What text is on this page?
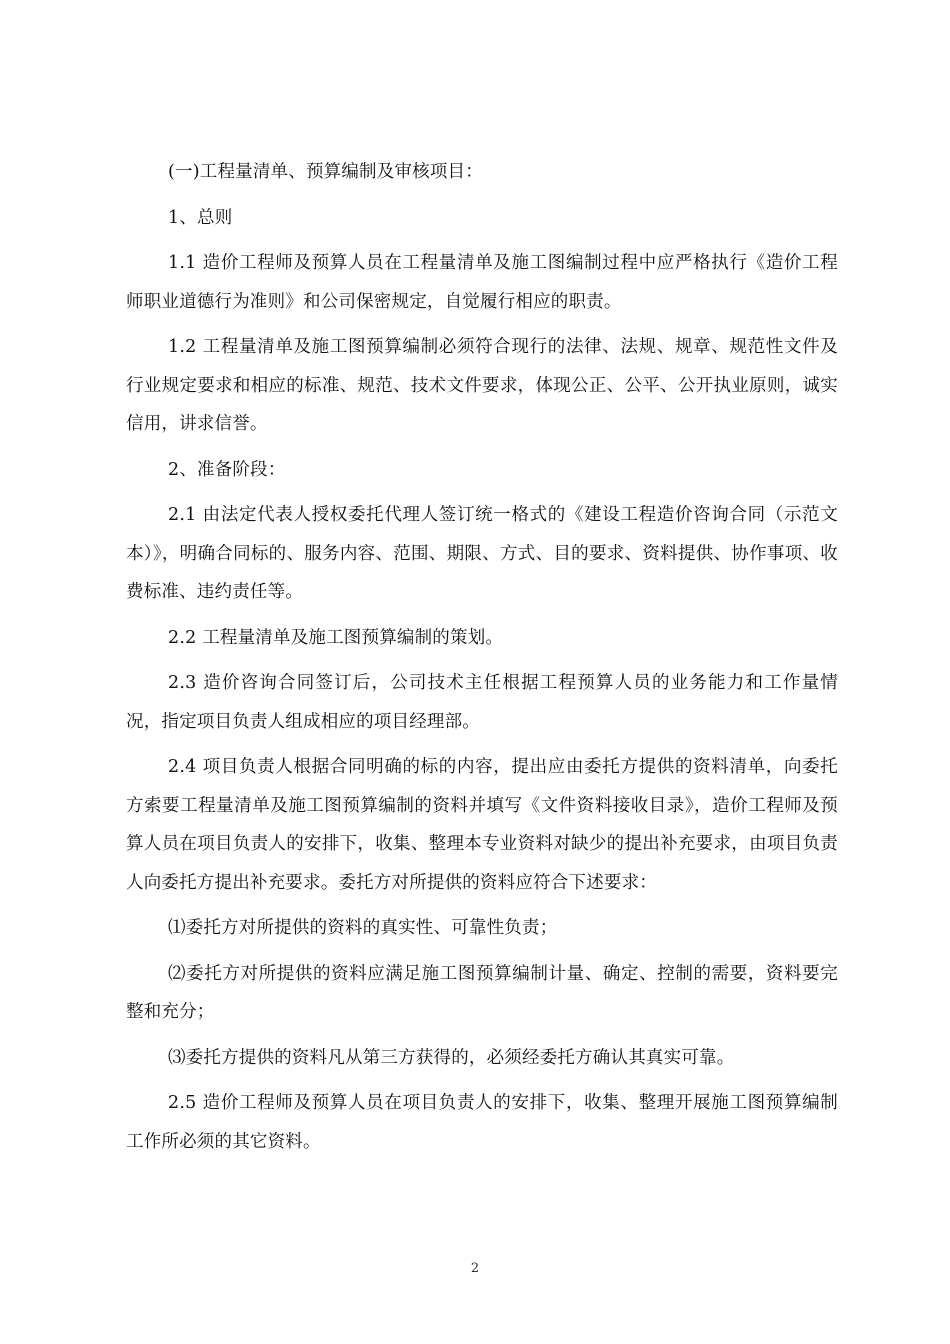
(一)工程量清单、预算编制及审核项目：

1、总则

1.1 造价工程师及预算人员在工程量清单及施工图编制过程中应严格执行《造价工程师职业道德行为准则》和公司保密规定，自觉履行相应的职责。

1.2 工程量清单及施工图预算编制必须符合现行的法律、法规、规章、规范性文件及行业规定要求和相应的标准、规范、技术文件要求，体现公正、公平、公开执业原则，诚实信用，讲求信誉。

2、准备阶段：

2.1 由法定代表人授权委托代理人签订统一格式的《建设工程造价咨询合同（示范文本）》，明确合同标的、服务内容、范围、期限、方式、目的要求、资料提供、协作事项、收费标准、违约责任等。

2.2 工程量清单及施工图预算编制的策划。

2.3 造价咨询合同签订后，公司技术主任根据工程预算人员的业务能力和工作量情况，指定项目负责人组成相应的项目经理部。

2.4 项目负责人根据合同明确的标的内容，提出应由委托方提供的资料清单，向委托方索要工程量清单及施工图预算编制的资料并填写《文件资料接收目录》，造价工程师及预算人员在项目负责人的安排下，收集、整理本专业资料对缺少的提出补充要求，由项目负责人向委托方提出补充要求。委托方对所提供的资料应符合下述要求：

⑴委托方对所提供的资料的真实性、可靠性负责；

⑵委托方对所提供的资料应满足施工图预算编制计量、确定、控制的需要，资料要完整和充分；

⑶委托方提供的资料凡从第三方获得的，必须经委托方确认其真实可靠。

2.5 造价工程师及预算人员在项目负责人的安排下，收集、整理开展施工图预算编制工作所必须的其它资料。

2
